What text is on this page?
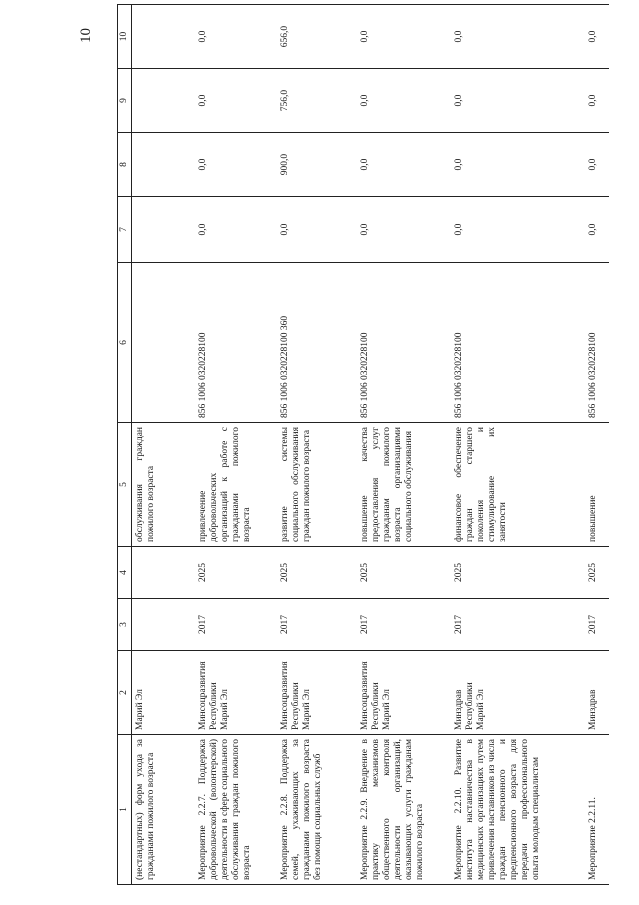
10
1	2	3	4	5	6	7	8	9	10
(нестандартных) форм ухода за гражданами пожилого возраста	Марий Эл			обслуживания граждан пожилого возраста					
Мероприятие 2.2.7. Поддержка добровольческой (волонтерской) деятельности в сфере социального обслуживания граждан пожилого возраста	Минсоцразвития Республики Марий Эл	2017	2025	привлечение добровольческих организаций к работе с гражданами пожилого возраста	856 1006 0320228100	0,0	0,0	0,0	0,0
Мероприятие 2.2.8. Поддержка семей, ухаживающих за гражданами пожилого возраста без помощи социальных служб	Минсоцразвития Республики Марий Эл	2017	2025	развитие системы социального обслуживания граждан пожилого возраста	856 1006 0320228100 360	0,0	900,0	756,0	656,0
Мероприятие 2.2.9. Внедрение в практику механизмов общественного контроля деятельности организаций, оказывающих услуги гражданам пожилого возраста	Минсоцразвития Республики Марий Эл	2017	2025	повышение качества предоставления услуг гражданам пожилого возраста организациями социального обслуживания	856 1006 0320228100	0,0	0,0	0,0	0,0
Мероприятие 2.2.10. Развитие института наставничества в медицинских организациях путем привлечения наставников из числа граждан пенсионного и предпенсионного возраста для передачи профессионального опыта молодым специалистам	Минздрав Республики Марий Эл	2017	2025	финансовое обеспечение граждан старшего поколения и стимулирование их занятости	856 1006 0320228100	0,0	0,0	0,0	0,0
Мероприятие 2.2.11.	Минздрав	2017	2025	повышение	856 1006 0320228100	0,0	0,0	0,0	0,0
